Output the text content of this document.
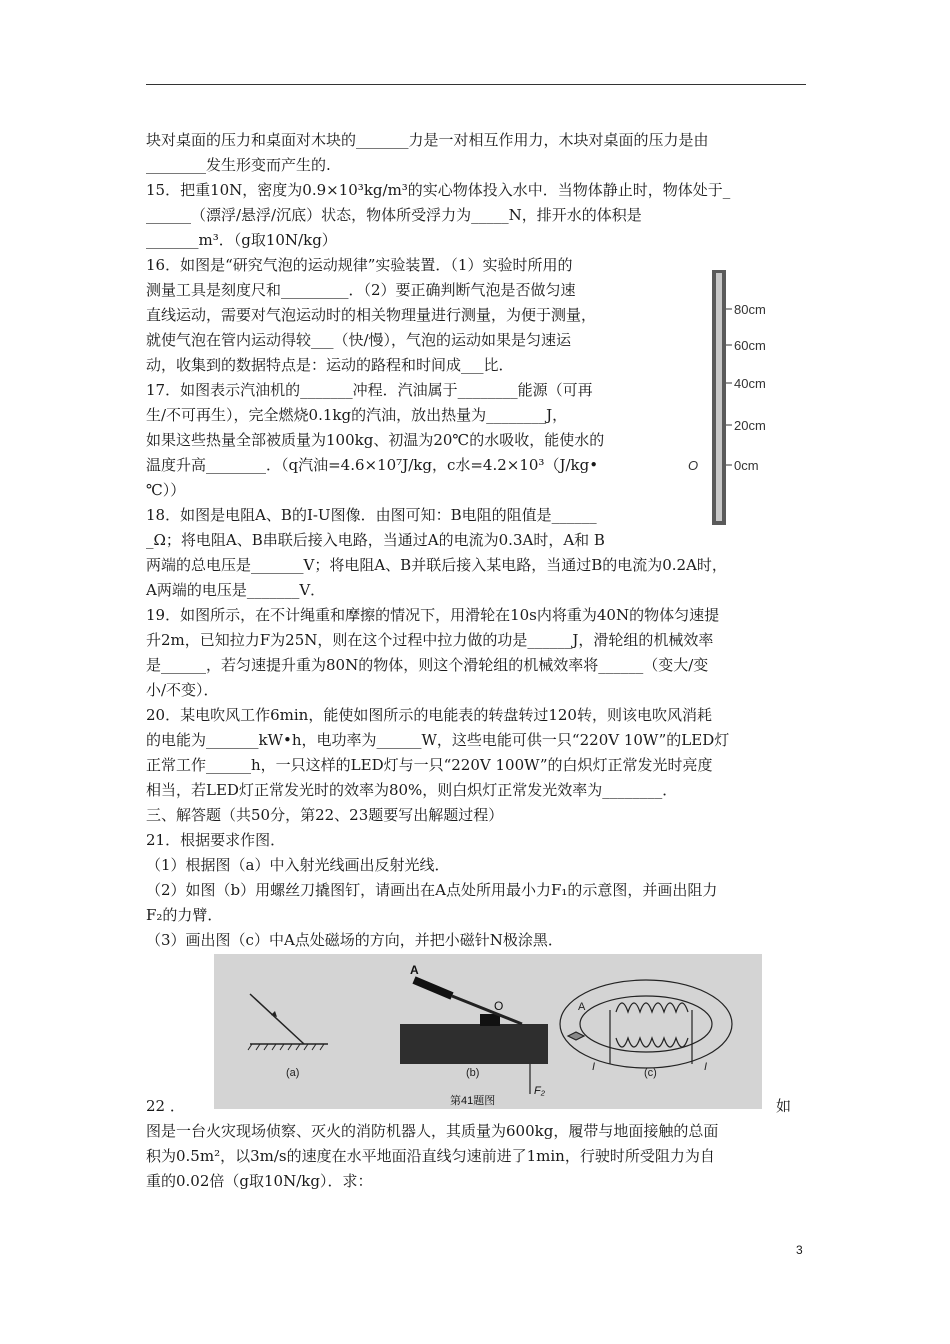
块对桌面的压力和桌面对木块的_______力是一对相互作用力，木块对桌面的压力是由
________发生形变而产生的.
15．把重10N，密度为0.9×10³kg/m³的实心物体投入水中．当物体静止时，物体处于_
______（漂浮/悬浮/沉底）状态，物体所受浮力为_____N，排开水的体积是
_______m³．（g取10N/kg）
16．如图是“研究气泡的运动规律”实验装置．（1）实验时所用的
测量工具是刻度尺和_________．（2）要正确判断气泡是否做匀速
直线运动，需要对气泡运动时的相关物理量进行测量，为便于测量，
就使气泡在管内运动得较___（快/慢），气泡的运动如果是匀速运
动，收集到的数据特点是：运动的路程和时间成___比．
17．如图表示汽油机的_______冲程．汽油属于________能源（可再
生/不可再生），完全燃烧0.1kg的汽油，放出热量为________J，
如果这些热量全部被质量为100kg、初温为20℃的水吸收，能使水的
温度升高________．（q汽油=4.6×10⁷J/kg，c水=4.2×10³（J/kg•
℃））
18．如图是电阻A、B的I-U图像．由图可知：B电阻的阻值是______
_Ω；将电阻A、B串联后接入电路，当通过A的电流为0.3A时，A和 B
两端的总电压是_______V；将电阻A、B并联后接入某电路，当通过B的电流为0.2A时，
A两端的电压是_______V．
19．如图所示，在不计绳重和摩擦的情况下，用滑轮在10s内将重为40N的物体匀速提
升2m，已知拉力F为25N，则在这个过程中拉力做的功是______J，滑轮组的机械效率
是______，若匀速提升重为80N的物体，则这个滑轮组的机械效率将______（变大/变
小/不变）．
20．某电吹风工作6min，能使如图所示的电能表的转盘转过120转，则该电吹风消耗
的电能为_______kW•h，电功率为______W，这些电能可供一只“220V 10W”的LED灯
正常工作______h，一只这样的LED灯与一只“220V 100W”的白炽灯正常发光时亮度
相当，若LED灯正常发光时的效率为80%，则白炽灯正常发光效率为________．
三、解答题（共50分，第22、23题要写出解题过程）
21．根据要求作图．
（1）根据图（a）中入射光线画出反射光线．
（2）如图（b）用螺丝刀撬图钉，请画出在A点处所用最小力F₁的示意图，并画出阻力
F₂的力臂．
（3）画出图（c）中A点处磁场的方向，并把小磁针N极涂黑．
22 ．
图是一台火灾现场侦察、灭火的消防机器人，其质量为600kg，履带与地面接触的总面
积为0.5m²，以3m/s的速度在水平地面沿直线匀速前进了1min，行驶时所受阻力为自
重的0.02倍（g取10N/kg）．求：
如
80cm
60cm
40cm
20cm
0cm
O
(a)
A
O
F₂
(b)
A
I	I
(c)
第41题图
3
